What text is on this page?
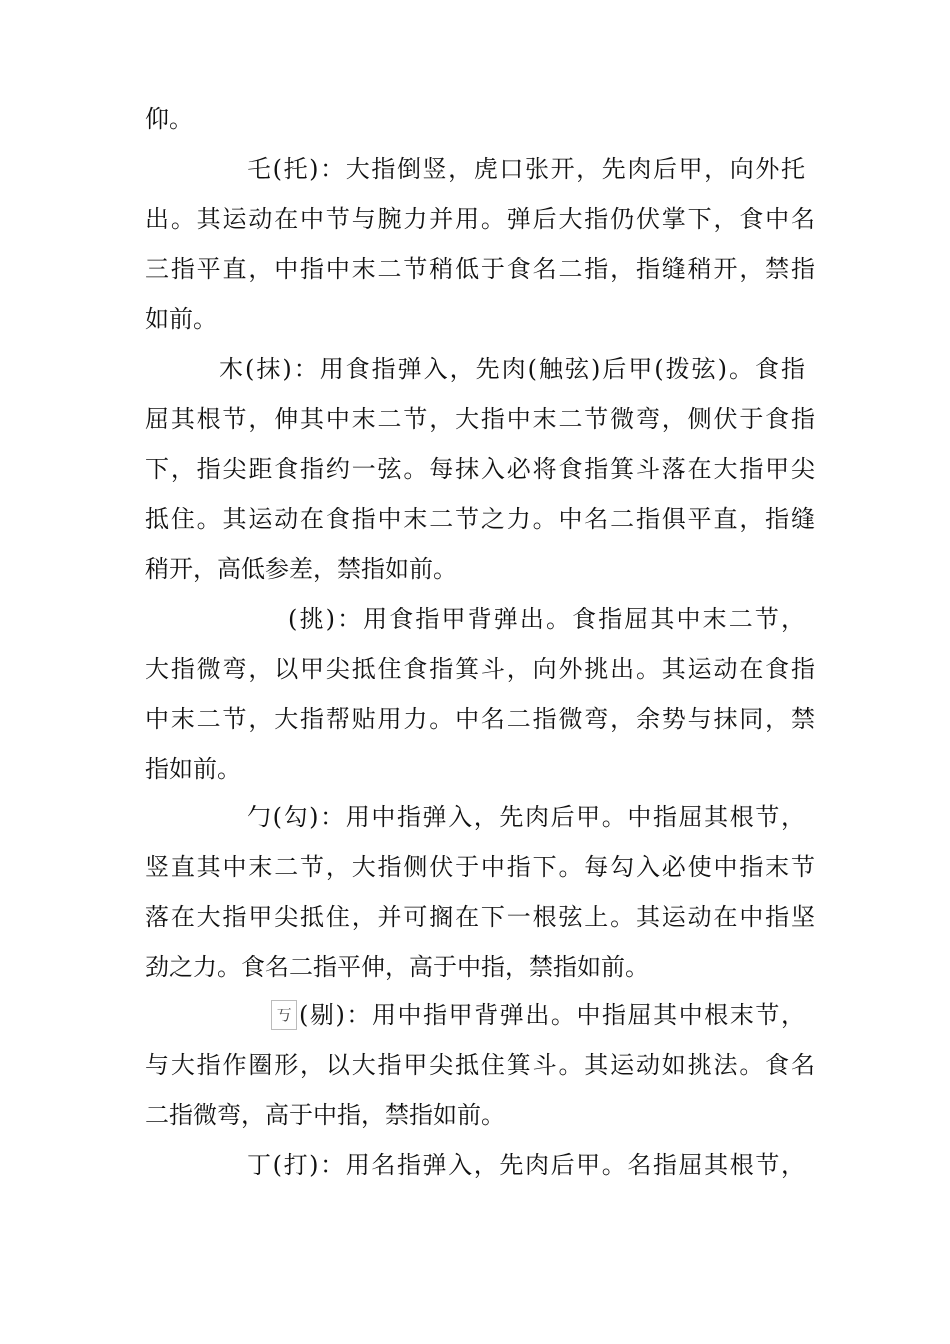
仰。

乇(托)：大指倒竖，虎口张开，先肉后甲，向外托

出。其运动在中节与腕力并用。弹后大指仍伏掌下，食中名

三指平直，中指中末二节稍低于食名二指，指缝稍开，禁指

如前。

木(抹)：用食指弹入，先肉(触弦)后甲(拨弦)。食指

屈其根节，伸其中末二节，大指中末二节微弯，侧伏于食指

下，指尖距食指约一弦。每抹入必将食指箕斗落在大指甲尖

抵住。其运动在食指中末二节之力。中名二指俱平直，指缝

稍开，高低参差，禁指如前。

(挑)：用食指甲背弹出。食指屈其中末二节，

大指微弯，以甲尖抵住食指箕斗，向外挑出。其运动在食指

中末二节，大指帮贴用力。中名二指微弯，余势与抹同，禁

指如前。

勹(勾)：用中指弹入，先肉后甲。中指屈其根节，

竖直其中末二节，大指侧伏于中指下。每勾入必使中指末节

落在大指甲尖抵住，并可搁在下一根弦上。其运动在中指坚

劲之力。食名二指平伸，高于中指，禁指如前。

丂 (剔)：用中指甲背弹出。中指屈其中根末节，

与大指作圈形，以大指甲尖抵住箕斗。其运动如挑法。食名

二指微弯，高于中指，禁指如前。

丁(打)：用名指弹入，先肉后甲。名指屈其根节，
